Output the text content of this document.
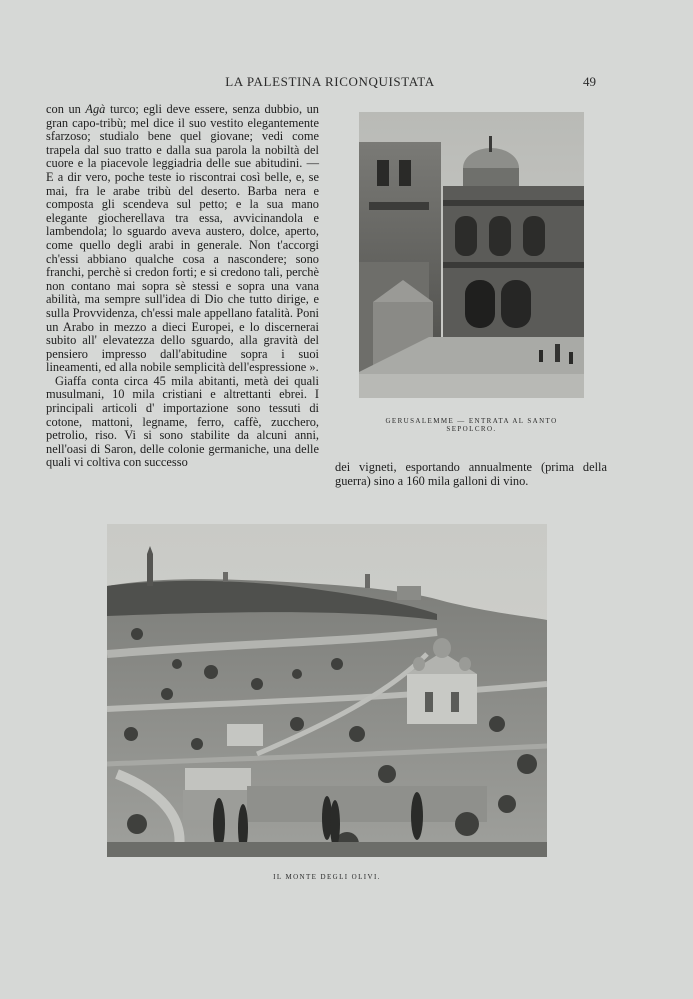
LA PALESTINA RICONQUISTATA	49

con un Agà turco; egli deve essere, senza dubbio, un gran capo-tribù; mel dice il suo vestito elegantemente sfarzoso; studialo bene quel giovane; vedi come trapela dal suo tratto e dalla sua parola la nobiltà del cuore e la piacevole leggiadria delle sue abitudini. — E a dir vero, poche teste io riscontrai così belle, e, se mai, fra le arabe tribù del deserto. Barba nera e composta gli scendeva sul petto; e la sua mano elegante giocherellava tra essa, avvicinandola e lambendola; lo sguardo aveva austero, dolce, aperto, come quello degli arabi in generale. Non t'accorgi ch'essi abbiano qualche cosa a nascondere; sono franchi, perchè si credon forti; e si credono tali, perchè non contano mai sopra sè stessi e sopra una vana abilità, ma sempre sull'idea di Dio che tutto dirige, e sulla Provvidenza, ch'essi male appellano fatalità. Poni un Arabo in mezzo a dieci Europei, e lo discernerai subito all' elevatezza dello sguardo, alla gravità del pensiero impresso dall'abitudine sopra i suoi lineamenti, ed alla nobile semplicità dell'espressione ».

Giaffa conta circa 45 mila abitanti, metà dei quali musulmani, 10 mila cristiani e altrettanti ebrei. I principali articoli d' importazione sono tessuti di cotone, mattoni, legname, ferro, caffè, zucchero, petrolio, riso. Vi si sono stabilite da alcuni anni, nell'oasi di Saron, delle colonie germaniche, una delle quali vi coltiva con successo

GERUSALEMME — ENTRATA AL SANTO SEPOLCRO.

dei vigneti, esportando annualmente (prima della guerra) sino a 160 mila galloni di vino.

IL MONTE DEGLI OLIVI.
